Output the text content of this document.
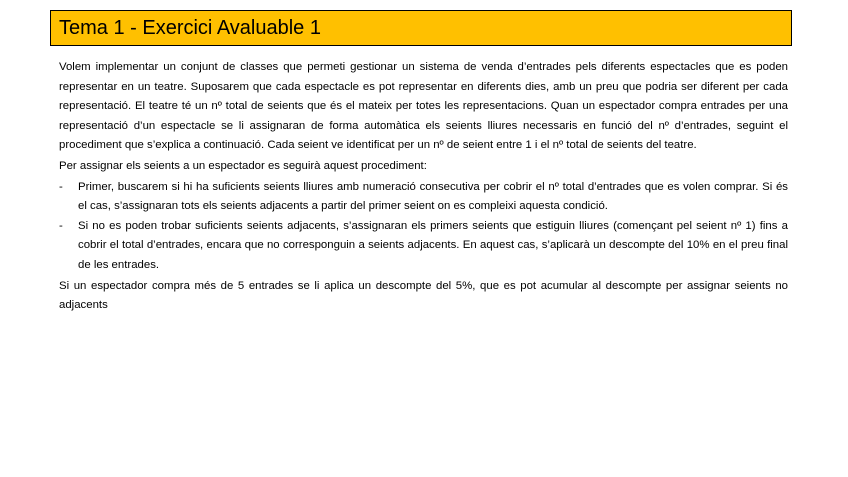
Tema 1 - Exercici Avaluable 1

Volem implementar un conjunt de classes que permeti gestionar un sistema de venda d’entrades pels diferents espectacles que es poden representar en un teatre. Suposarem que cada espectacle es pot representar en diferents dies, amb un preu que podria ser diferent per cada representació. El teatre té un nº total de seients que és el mateix per totes les representacions. Quan un espectador compra entrades per una representació d’un espectacle se li assignaran de forma automàtica els seients lliures necessaris en funció del nº d’entrades, seguint el procediment que s’explica a continuació. Cada seient ve identificat per un nº de seient entre 1 i el nº total de seients del teatre.

Per assignar els seients a un espectador es seguirà aquest procediment:

- Primer, buscarem si hi ha suficients seients lliures amb numeració consecutiva per cobrir el nº total d’entrades que es volen comprar. Si és el cas, s’assignaran tots els seients adjacents a partir del primer seient on es compleixi aquesta condició.
- Si no es poden trobar suficients seients adjacents, s’assignaran els primers seients que estiguin lliures (començant pel seient nº 1) fins a cobrir el total d’entrades, encara que no corresponguin a seients adjacents. En aquest cas, s’aplicarà un descompte del 10% en el preu final de les entrades.

Si un espectador compra més de 5 entrades se li aplica un descompte del 5%, que es pot acumular al descompte per assignar seients no adjacents
